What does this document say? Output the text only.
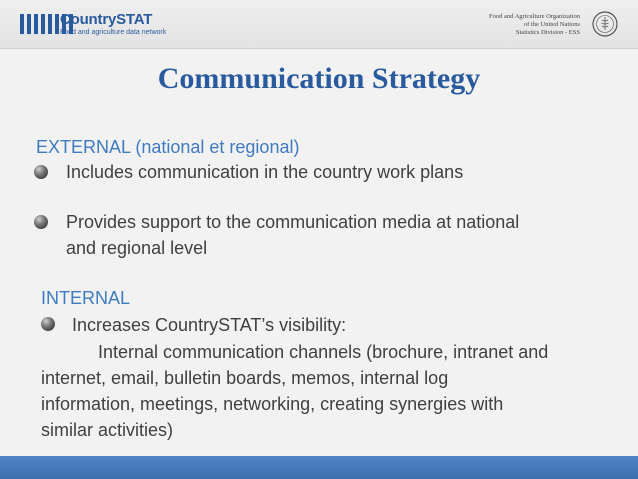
CountrySTAT
Food and agriculture data network
Food and Agriculture Organization
of the United Nations
Statistics Division - ESS
Communication Strategy
EXTERNAL (national et regional)
Includes communication in the country work plans
Provides support to the communication media at national
and regional level
INTERNAL
Increases CountrySTAT’s visibility:
Internal communication channels (brochure, intranet and
internet, email, bulletin boards, memos, internal log
information, meetings, networking, creating synergies with
similar activities)
